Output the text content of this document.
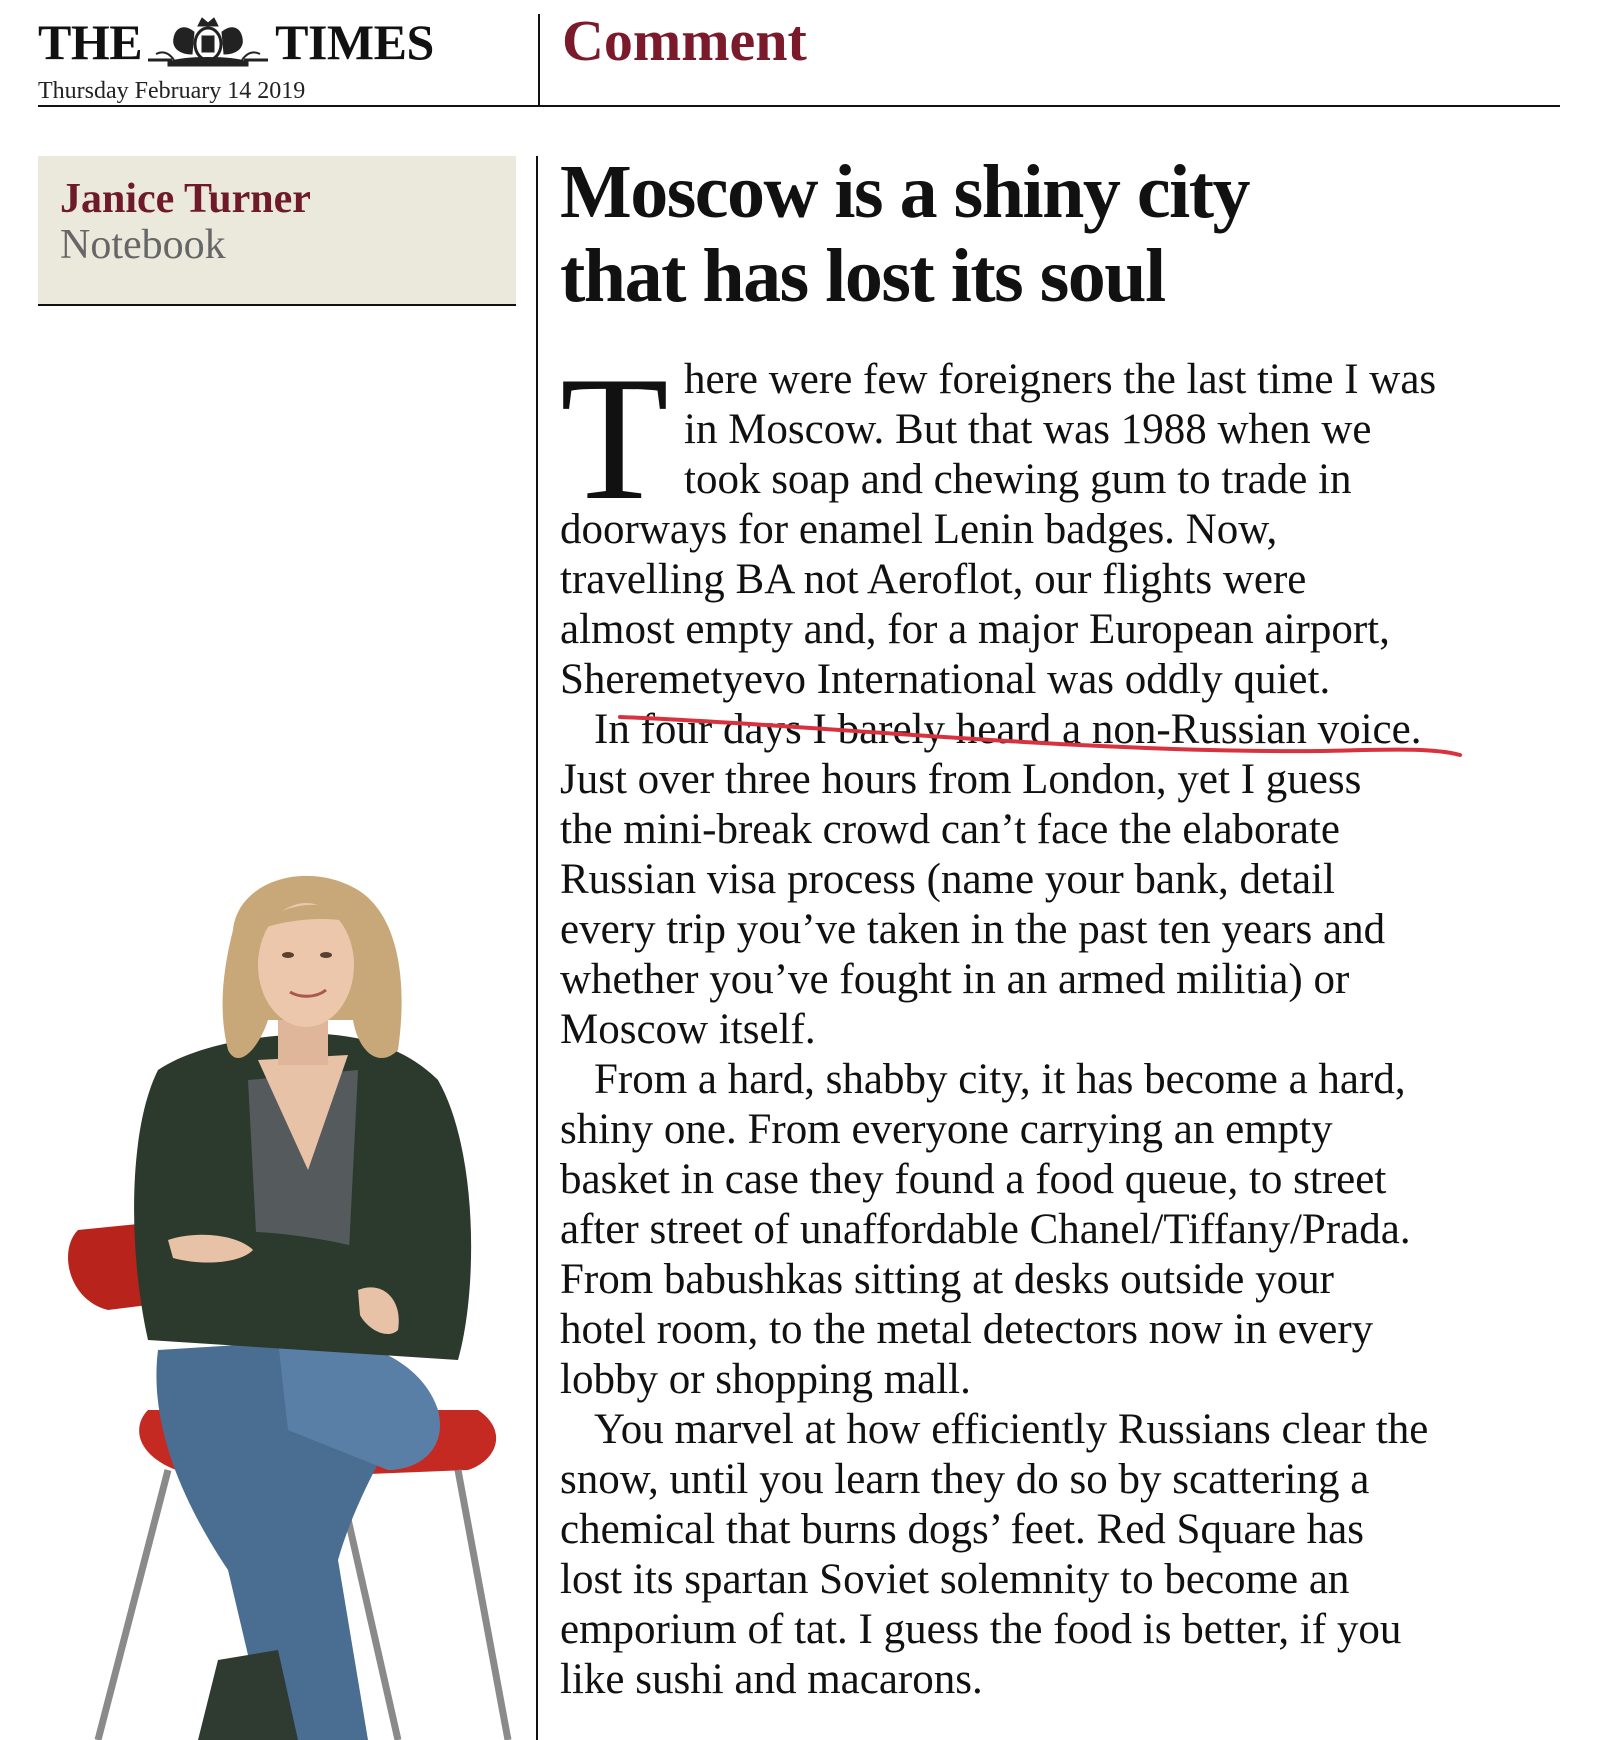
THE	TIMES
Thursday February 14 2019
Comment
Janice Turner
Notebook
Moscow is a shiny city
that has lost its soul
T here were few foreigners the last time I was
in Moscow. But that was 1988 when we
took soap and chewing gum to trade in
doorways for enamel Lenin badges. Now,
travelling BA not Aeroflot, our flights were
almost empty and, for a major European airport,
Sheremetyevo International was oddly quiet.
In four days I barely heard a non-Russian voice.
Just over three hours from London, yet I guess
the mini-break crowd can’t face the elaborate
Russian visa process (name your bank, detail
every trip you’ve taken in the past ten years and
whether you’ve fought in an armed militia) or
Moscow itself.
From a hard, shabby city, it has become a hard,
shiny one. From everyone carrying an empty
basket in case they found a food queue, to street
after street of unaffordable Chanel/Tiffany/Prada.
From babushkas sitting at desks outside your
hotel room, to the metal detectors now in every
lobby or shopping mall.
You marvel at how efficiently Russians clear the
snow, until you learn they do so by scattering a
chemical that burns dogs’ feet. Red Square has
lost its spartan Soviet solemnity to become an
emporium of tat. I guess the food is better, if you
like sushi and macarons.
